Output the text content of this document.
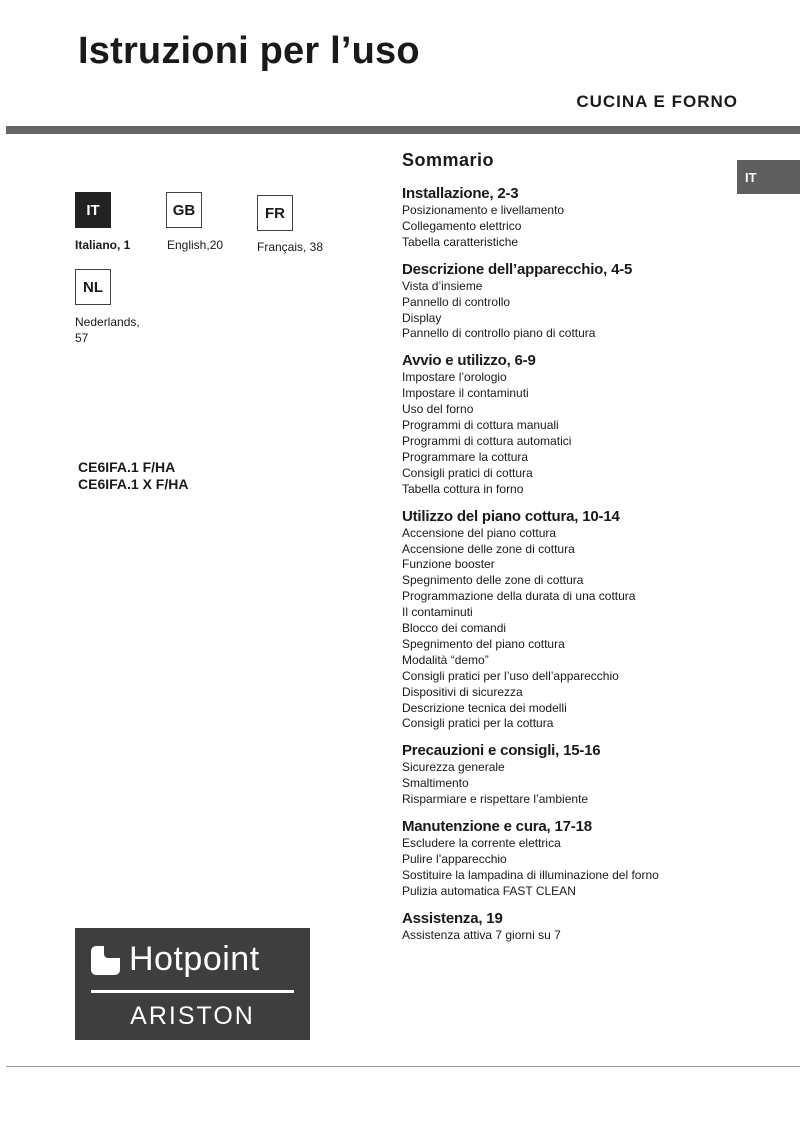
Istruzioni per l’uso
CUCINA E FORNO
IT
IT
Italiano, 1
GB
English,20
FR
Français, 38
NL
Nederlands,
57
CE6IFA.1 F/HA
CE6IFA.1 X F/HA
Hotpoint
ARISTON
Sommario
Installazione, 2-3
Posizionamento e livellamento
Collegamento elettrico
Tabella caratteristiche
Descrizione dell’apparecchio, 4-5
Vista d’insieme
Pannello di controllo
Display
Pannello di controllo piano di cottura
Avvio e utilizzo, 6-9
Impostare l’orologio
Impostare il contaminuti
Uso del forno
Programmi di cottura manuali
Programmi di cottura automatici
Programmare la cottura
Consigli pratici di cottura
Tabella cottura in forno
Utilizzo del piano cottura, 10-14
Accensione del piano cottura
Accensione delle zone di cottura
Funzione booster
Spegnimento delle zone di cottura
Programmazione della durata di una cottura
Il contaminuti
Blocco dei comandi
Spegnimento del piano cottura
Modalità “demo”
Consigli pratici per l’uso dell’apparecchio
Dispositivi di sicurezza
Descrizione tecnica dei modelli
Consigli pratici per la cottura
Precauzioni e consigli, 15-16
Sicurezza generale
Smaltimento
Risparmiare e rispettare l’ambiente
Manutenzione e cura, 17-18
Escludere la corrente elettrica
Pulire l’apparecchio
Sostituire la lampadina di illuminazione del forno
Pulizia automatica FAST CLEAN
Assistenza, 19
Assistenza attiva 7 giorni su 7
